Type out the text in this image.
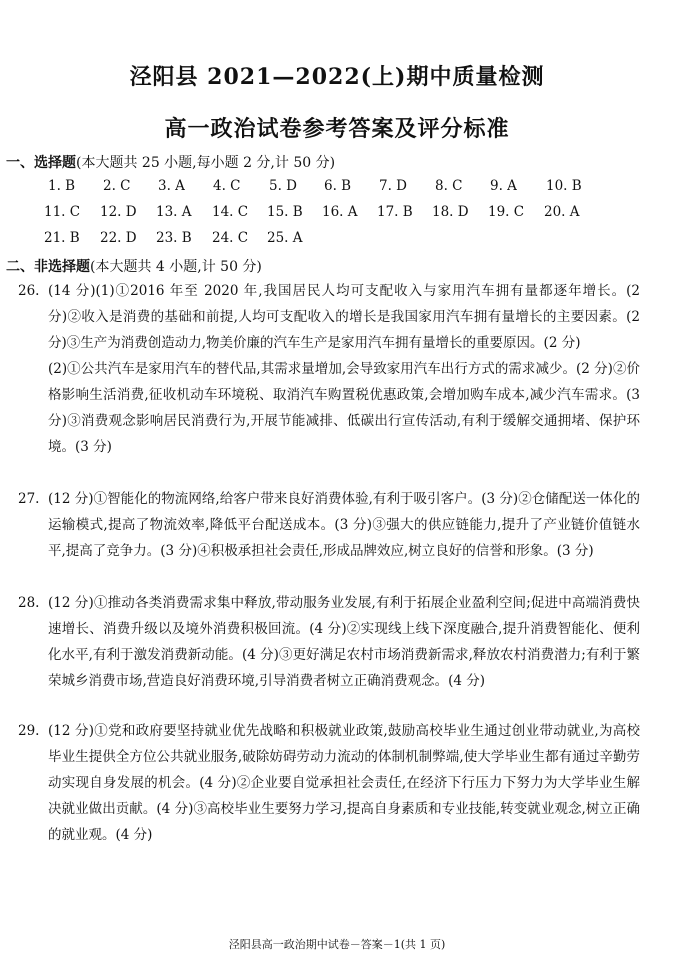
泾阳县 2021—2022(上)期中质量检测
高一政治试卷参考答案及评分标准
一、选择题(本大题共 25 小题,每小题 2 分,计 50 分)
1. B 2. C 3. A 4. C 5. D 6. B 7. D 8. C 9. A 10. B
11. C 12. D 13. A 14. C 15. B 16. A 17. B 18. D 19. C 20. A
21. B 22. D 23. B 24. C 25. A
二、非选择题(本大题共 4 小题,计 50 分)
26. (14 分)(1)①2016 年至 2020 年,我国居民人均可支配收入与家用汽车拥有量都逐年增长。(2 分)②收入是消费的基础和前提,人均可支配收入的增长是我国家用汽车拥有量增长的主要因素。(2 分)③生产为消费创造动力,物美价廉的汽车生产是家用汽车拥有量增长的重要原因。(2 分)
(2)①公共汽车是家用汽车的替代品,其需求量增加,会导致家用汽车出行方式的需求减少。(2 分)②价格影响生活消费,征收机动车环境税、取消汽车购置税优惠政策,会增加购车成本,减少汽车需求。(3 分)③消费观念影响居民消费行为,开展节能减排、低碳出行宣传活动,有利于缓解交通拥堵、保护环境。(3 分)
27. (12 分)①智能化的物流网络,给客户带来良好消费体验,有利于吸引客户。(3 分)②仓储配送一体化的运输模式,提高了物流效率,降低平台配送成本。(3 分)③强大的供应链能力,提升了产业链价值链水平,提高了竞争力。(3 分)④积极承担社会责任,形成品牌效应,树立良好的信誉和形象。(3 分)
28. (12 分)①推动各类消费需求集中释放,带动服务业发展,有利于拓展企业盈利空间;促进中高端消费快速增长、消费升级以及境外消费积极回流。(4 分)②实现线上线下深度融合,提升消费智能化、便利化水平,有利于激发消费新动能。(4 分)③更好满足农村市场消费新需求,释放农村消费潜力;有利于繁荣城乡消费市场,营造良好消费环境,引导消费者树立正确消费观念。(4 分)
29. (12 分)①党和政府要坚持就业优先战略和积极就业政策,鼓励高校毕业生通过创业带动就业,为高校毕业生提供全方位公共就业服务,破除妨碍劳动力流动的体制机制弊端,使大学毕业生都有通过辛勤劳动实现自身发展的机会。(4 分)②企业要自觉承担社会责任,在经济下行压力下努力为大学毕业生解决就业做出贡献。(4 分)③高校毕业生要努力学习,提高自身素质和专业技能,转变就业观念,树立正确的就业观。(4 分)
泾阳县高一政治期中试卷－答案－1(共 1 页)
